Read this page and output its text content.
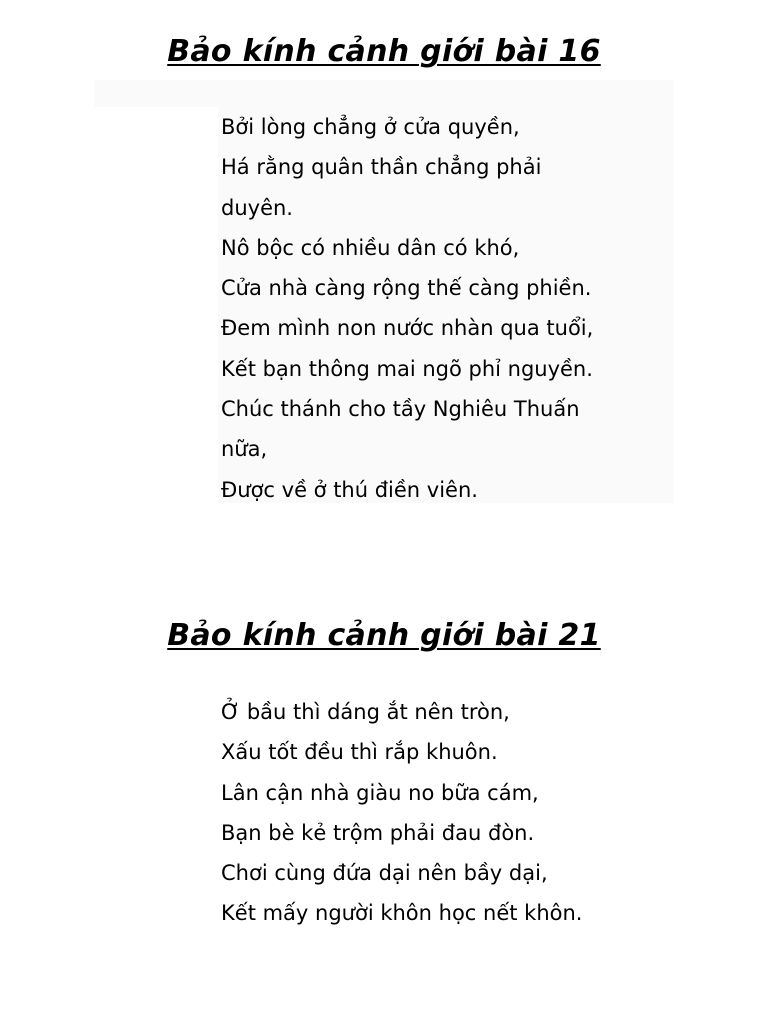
Bảo kính cảnh giới bài 16
Bởi lòng chẳng ở cửa quyền,
Há rằng quân thần chẳng phải
duyên.
Nô bộc có nhiều dân có khó,
Cửa nhà càng rộng thế càng phiền.
Đem mình non nước nhàn qua tuổi,
Kết bạn thông mai ngõ phỉ nguyền.
Chúc thánh cho tầy Nghiêu Thuấn
nữa,
Được về ở thú điền viên.
Bảo kính cảnh giới bài 21
Ở bầu thì dáng ắt nên tròn,
Xấu tốt đều thì rắp khuôn.
Lân cận nhà giàu no bữa cám,
Bạn bè kẻ trộm phải đau đòn.
Chơi cùng đứa dại nên bầy dại,
Kết mấy người khôn học nết khôn.
